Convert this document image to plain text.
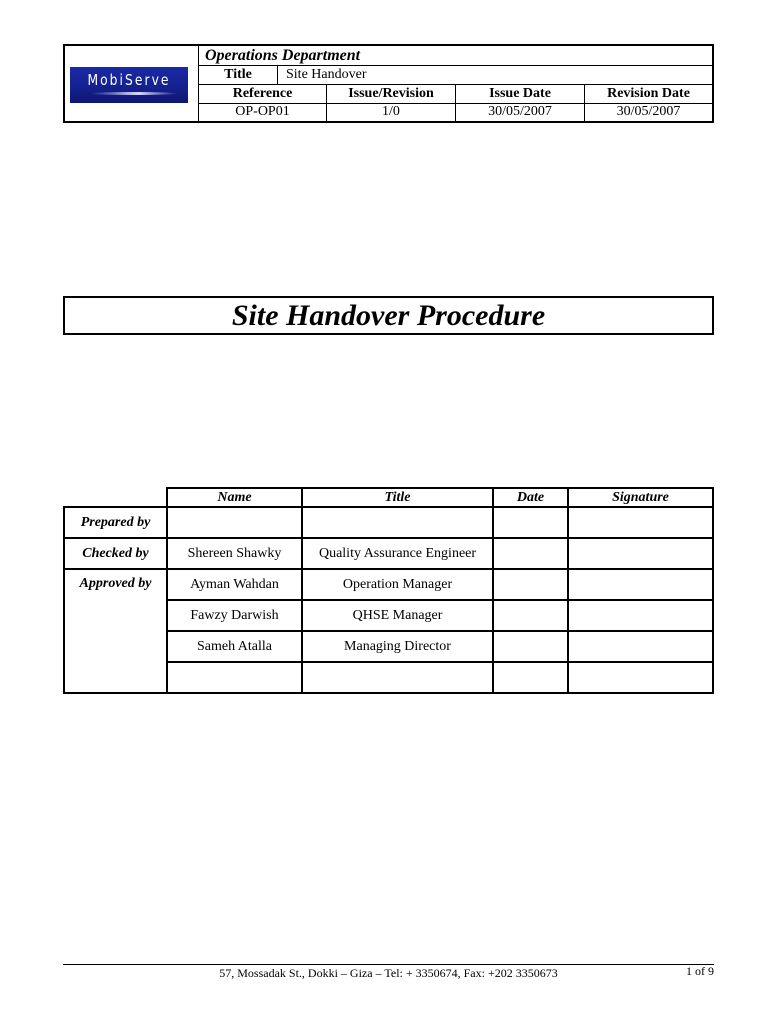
MobiServe
Operations Department
Title	Site Handover
Reference	Issue/Revision	Issue Date	Revision Date
OP-OP01	1/0	30/05/2007	30/05/2007
Site Handover Procedure
	Name	Title	Date	Signature
Prepared by				
Checked by	Shereen Shawky	Quality Assurance Engineer		
Approved by	Ayman Wahdan	Operation Manager		
	Fawzy Darwish	QHSE Manager		
	Sameh Atalla	Managing Director		

57, Mossadak St., Dokki – Giza – Tel: + 3350674, Fax: +202 3350673	1 of 9
